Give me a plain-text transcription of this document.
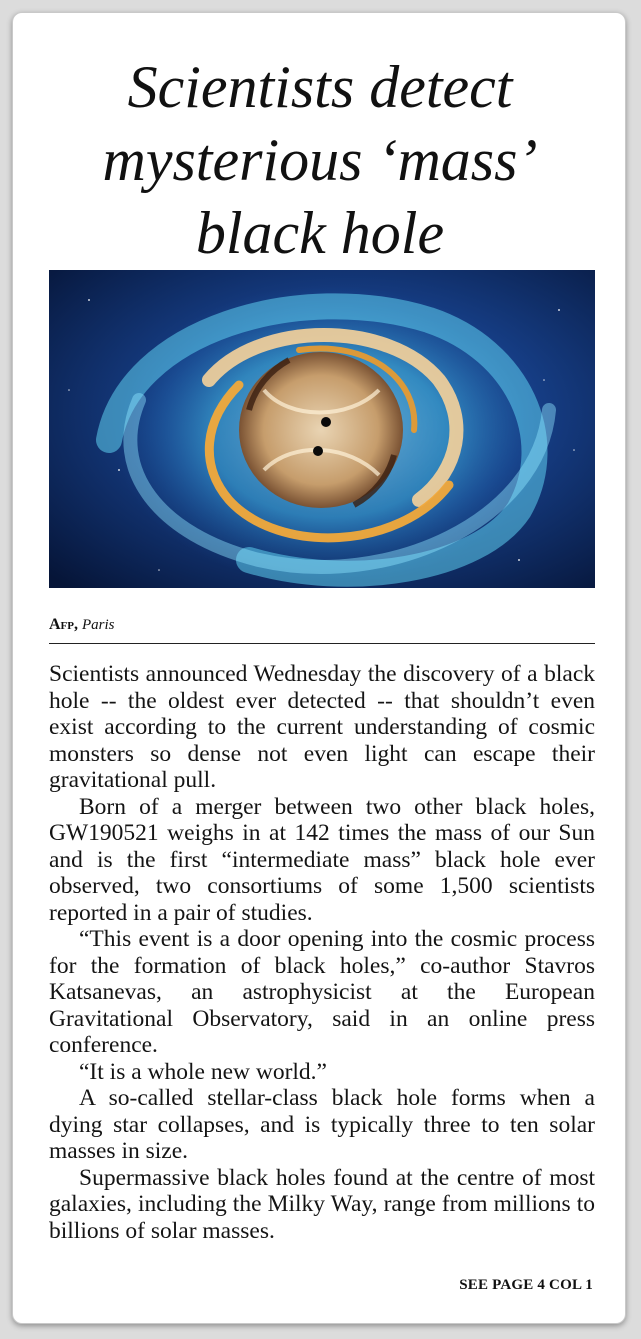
Scientists detect
mysterious ‘mass’
black hole
Afp, Paris

Scientists announced Wednesday the discovery of a black hole -- the oldest ever detected -- that shouldn’t even exist according to the current understanding of cosmic monsters so dense not even light can escape their gravitational pull.

Born of a merger between two other black holes, GW190521 weighs in at 142 times the mass of our Sun and is the first “intermediate mass” black hole ever observed, two consortiums of some 1,500 scientists reported in a pair of studies.

“This event is a door opening into the cosmic process for the formation of black holes,” co-author Stavros Katsanevas, an astrophysicist at the European Gravitational Observatory, said in an online press conference.

“It is a whole new world.”

A so-called stellar-class black hole forms when a dying star collapses, and is typically three to ten solar masses in size.

Supermassive black holes found at the centre of most galaxies, including the Milky Way, range from millions to billions of solar masses.

SEE PAGE 4 COL 1
